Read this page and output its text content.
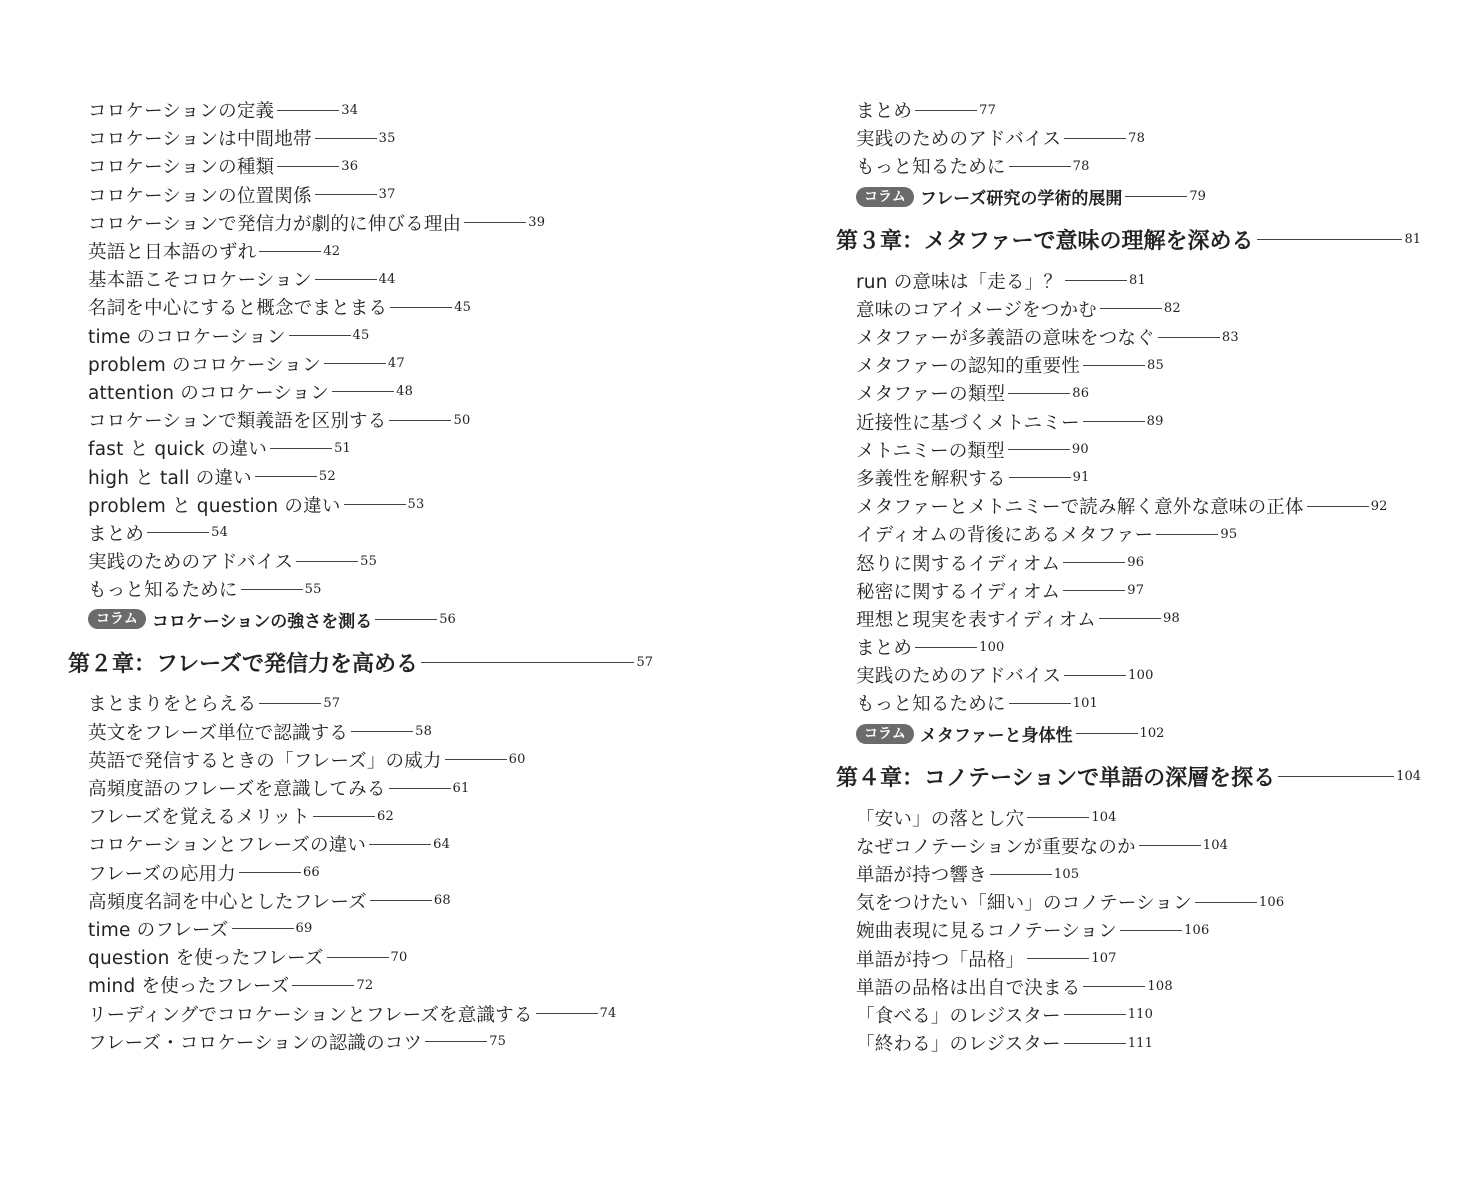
コロケーションの定義	34
コロケーションは中間地帯	35
コロケーションの種類	36
コロケーションの位置関係	37
コロケーションで発信力が劇的に伸びる理由	39
英語と日本語のずれ	42
基本語こそコロケーション	44
名詞を中心にすると概念でまとまる	45
time のコロケーション	45
problem のコロケーション	47
attention のコロケーション	48
コロケーションで類義語を区別する	50
fast と quick の違い	51
high と tall の違い	52
problem と question の違い	53
まとめ	54
実践のためのアドバイス	55
もっと知るために	55
コラム コロケーションの強さを測る	56
第２章：フレーズで発信力を高める	57
まとまりをとらえる	57
英文をフレーズ単位で認識する	58
英語で発信するときの「フレーズ」の威力	60
高頻度語のフレーズを意識してみる	61
フレーズを覚えるメリット	62
コロケーションとフレーズの違い	64
フレーズの応用力	66
高頻度名詞を中心としたフレーズ	68
time のフレーズ	69
question を使ったフレーズ	70
mind を使ったフレーズ	72
リーディングでコロケーションとフレーズを意識する	74
フレーズ・コロケーションの認識のコツ	75
まとめ	77
実践のためのアドバイス	78
もっと知るために	78
コラム フレーズ研究の学術的展開	79
第３章：メタファーで意味の理解を深める	81
run の意味は「走る」？	81
意味のコアイメージをつかむ	82
メタファーが多義語の意味をつなぐ	83
メタファーの認知的重要性	85
メタファーの類型	86
近接性に基づくメトニミー	89
メトニミーの類型	90
多義性を解釈する	91
メタファーとメトニミーで読み解く意外な意味の正体	92
イディオムの背後にあるメタファー	95
怒りに関するイディオム	96
秘密に関するイディオム	97
理想と現実を表すイディオム	98
まとめ	100
実践のためのアドバイス	100
もっと知るために	101
コラム メタファーと身体性	102
第４章：コノテーションで単語の深層を探る	104
「安い」の落とし穴	104
なぜコノテーションが重要なのか	104
単語が持つ響き	105
気をつけたい「細い」のコノテーション	106
婉曲表現に見るコノテーション	106
単語が持つ「品格」	107
単語の品格は出自で決まる	108
「食べる」のレジスター	110
「終わる」のレジスター	111
